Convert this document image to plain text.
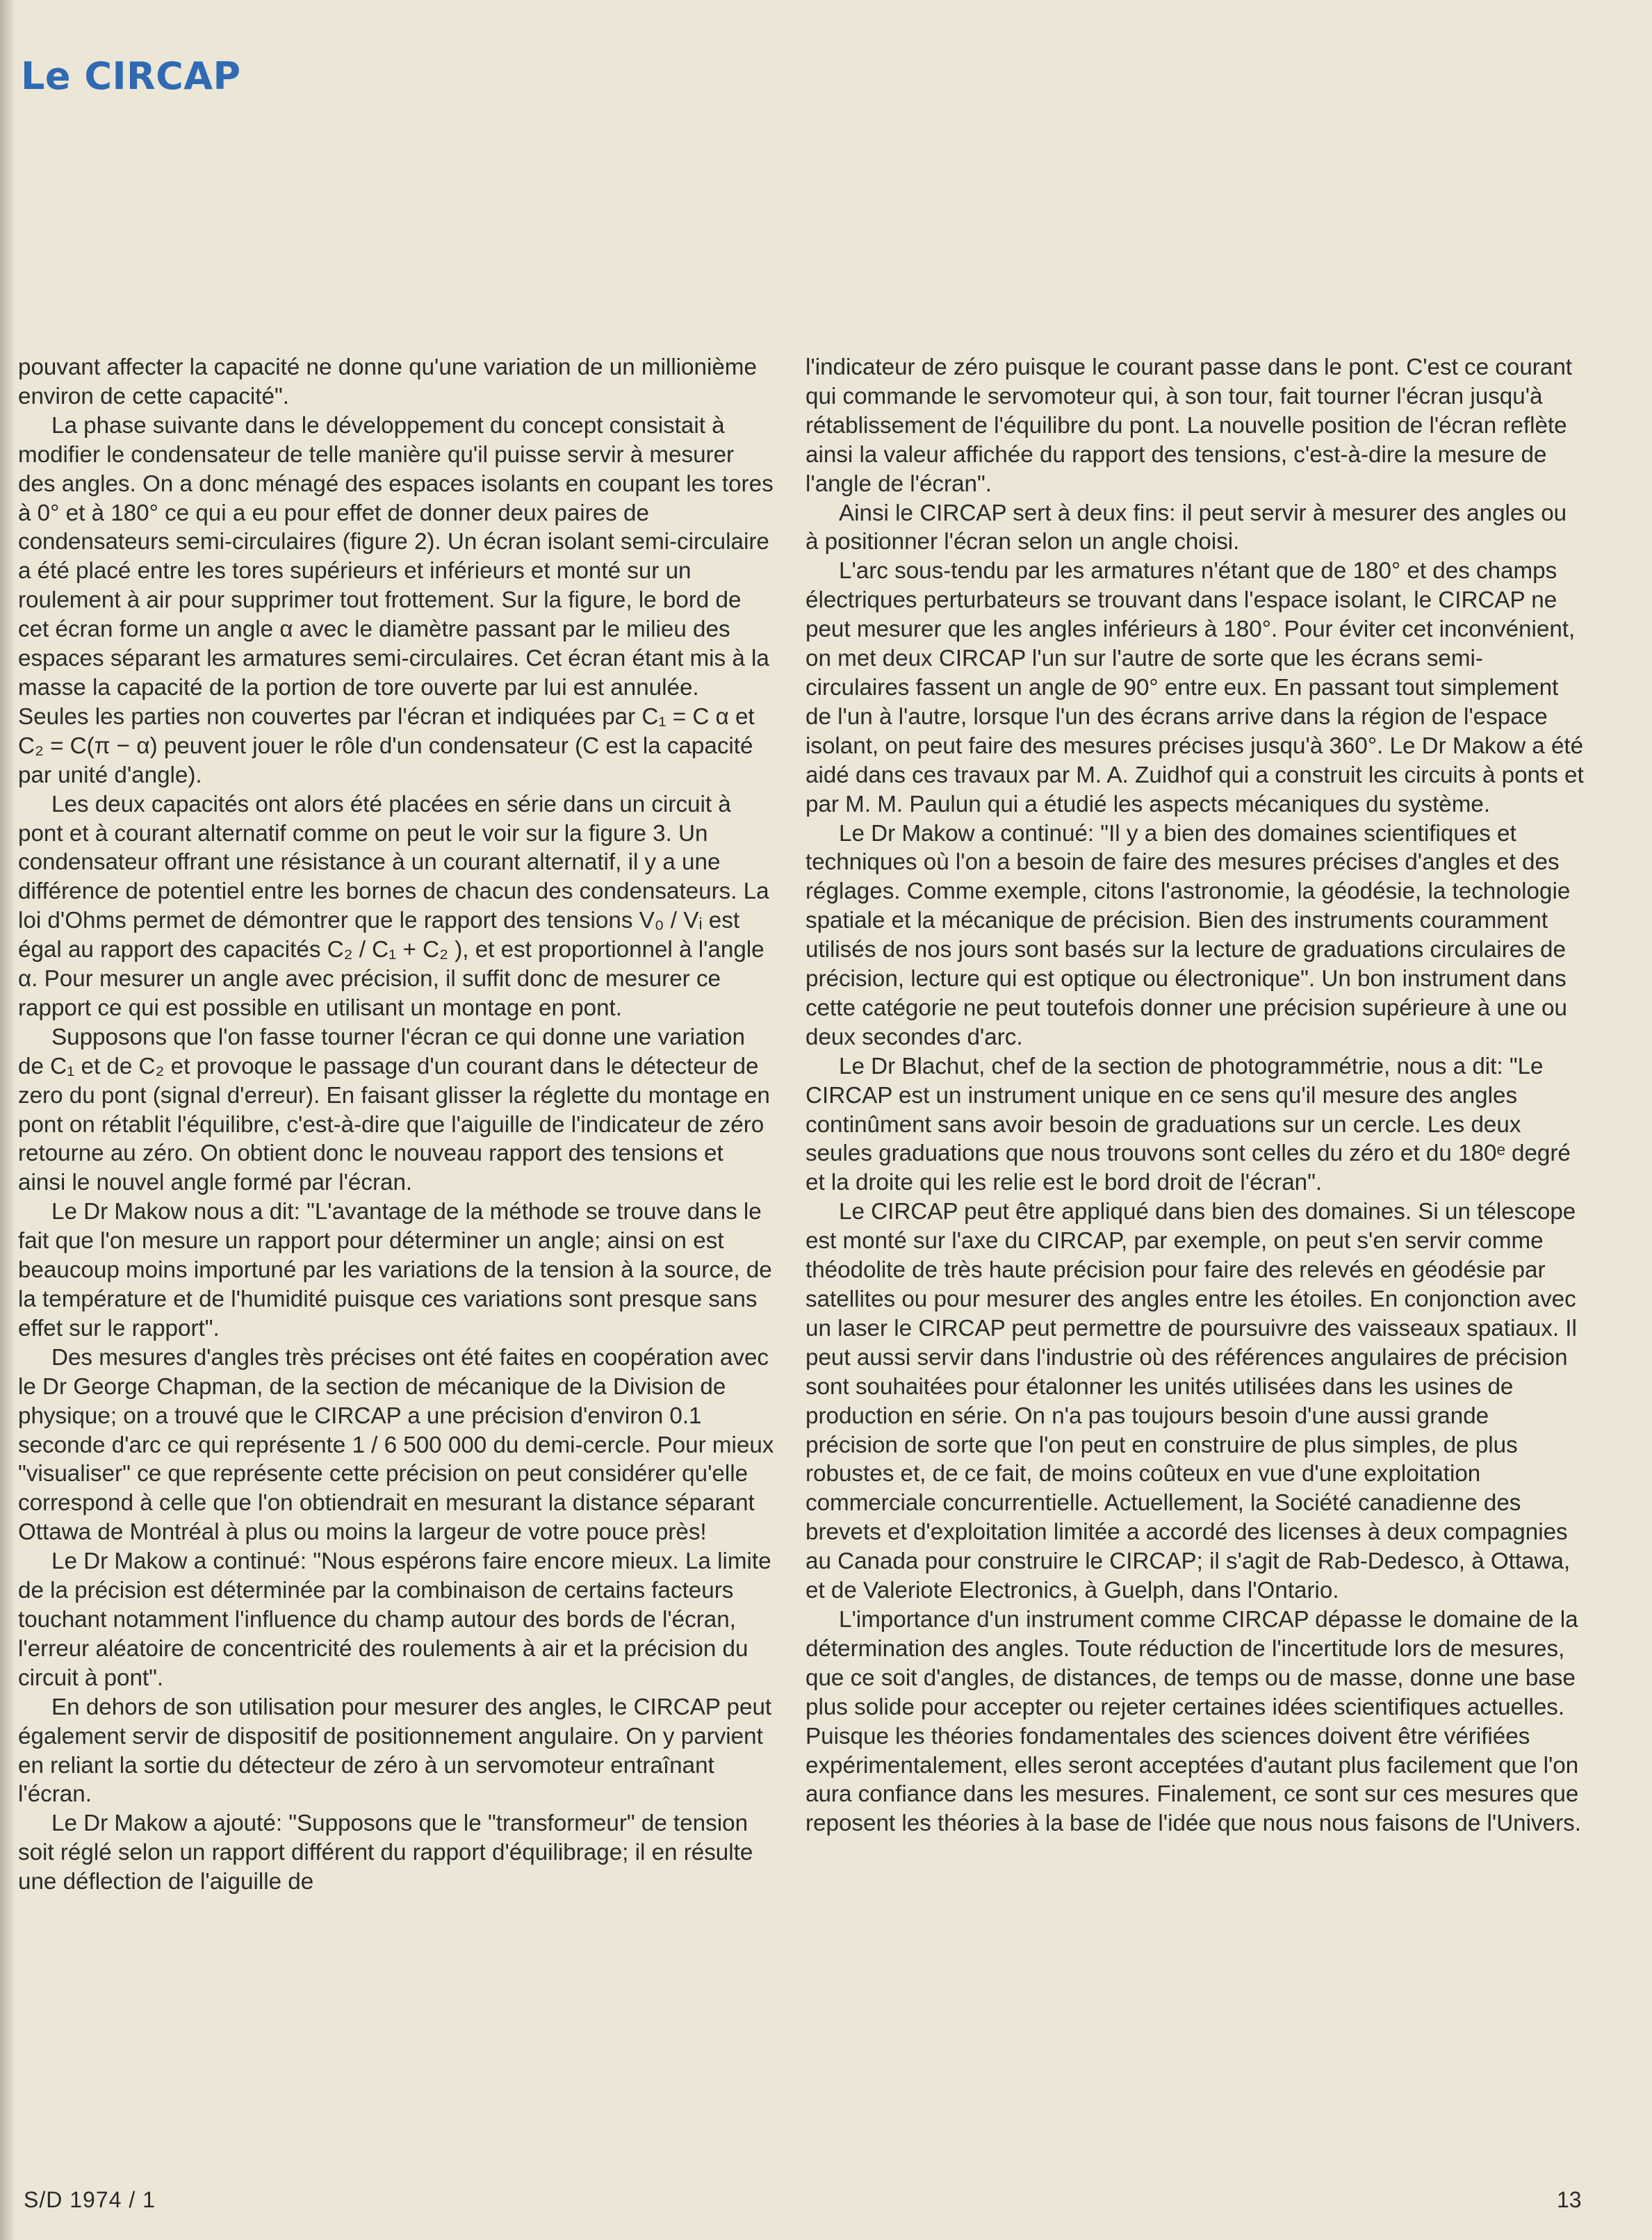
Le CIRCAP

pouvant affecter la capacité ne donne qu'une variation de un millionième environ de cette capacité".

La phase suivante dans le développement du concept consistait à modifier le condensateur de telle manière qu'il puisse servir à mesurer des angles. On a donc ménagé des espaces isolants en coupant les tores à 0° et à 180° ce qui a eu pour effet de donner deux paires de condensateurs semi-circulaires (figure 2). Un écran isolant semi-circulaire a été placé entre les tores supérieurs et inférieurs et monté sur un roulement à air pour supprimer tout frottement. Sur la figure, le bord de cet écran forme un angle α avec le diamètre passant par le milieu des espaces séparant les armatures semi-circulaires. Cet écran étant mis à la masse la capacité de la portion de tore ouverte par lui est annulée. Seules les parties non couvertes par l'écran et indiquées par C₁ = C α et C₂ = C(π − α) peuvent jouer le rôle d'un condensateur (C est la capacité par unité d'angle).

Les deux capacités ont alors été placées en série dans un circuit à pont et à courant alternatif comme on peut le voir sur la figure 3. Un condensateur offrant une résistance à un courant alternatif, il y a une différence de potentiel entre les bornes de chacun des condensateurs. La loi d'Ohms permet de démontrer que le rapport des tensions V₀ / Vᵢ est égal au rapport des capacités C₂ / C₁ + C₂ ), et est proportionnel à l'angle α. Pour mesurer un angle avec précision, il suffit donc de mesurer ce rapport ce qui est possible en utilisant un montage en pont.

Supposons que l'on fasse tourner l'écran ce qui donne une variation de C₁ et de C₂ et provoque le passage d'un courant dans le détecteur de zero du pont (signal d'erreur). En faisant glisser la réglette du montage en pont on rétablit l'équilibre, c'est-à-dire que l'aiguille de l'indicateur de zéro retourne au zéro. On obtient donc le nouveau rapport des tensions et ainsi le nouvel angle formé par l'écran.

Le Dr Makow nous a dit: "L'avantage de la méthode se trouve dans le fait que l'on mesure un rapport pour déterminer un angle; ainsi on est beaucoup moins importuné par les variations de la tension à la source, de la température et de l'humidité puisque ces variations sont presque sans effet sur le rapport".

Des mesures d'angles très précises ont été faites en coopération avec le Dr George Chapman, de la section de mécanique de la Division de physique; on a trouvé que le CIRCAP a une précision d'environ 0.1 seconde d'arc ce qui représente 1 / 6 500 000 du demi-cercle. Pour mieux "visualiser" ce que représente cette précision on peut considérer qu'elle correspond à celle que l'on obtiendrait en mesurant la distance séparant Ottawa de Montréal à plus ou moins la largeur de votre pouce près!

Le Dr Makow a continué: "Nous espérons faire encore mieux. La limite de la précision est déterminée par la combinaison de certains facteurs touchant notamment l'influence du champ autour des bords de l'écran, l'erreur aléatoire de concentricité des roulements à air et la précision du circuit à pont".

En dehors de son utilisation pour mesurer des angles, le CIRCAP peut également servir de dispositif de positionnement angulaire. On y parvient en reliant la sortie du détecteur de zéro à un servomoteur entraînant l'écran.

Le Dr Makow a ajouté: "Supposons que le "transformeur" de tension soit réglé selon un rapport différent du rapport d'équilibrage; il en résulte une déflection de l'aiguille de

l'indicateur de zéro puisque le courant passe dans le pont. C'est ce courant qui commande le servomoteur qui, à son tour, fait tourner l'écran jusqu'à rétablissement de l'équilibre du pont. La nouvelle position de l'écran reflète ainsi la valeur affichée du rapport des tensions, c'est-à-dire la mesure de l'angle de l'écran".

Ainsi le CIRCAP sert à deux fins: il peut servir à mesurer des angles ou à positionner l'écran selon un angle choisi.

L'arc sous-tendu par les armatures n'étant que de 180° et des champs électriques perturbateurs se trouvant dans l'espace isolant, le CIRCAP ne peut mesurer que les angles inférieurs à 180°. Pour éviter cet inconvénient, on met deux CIRCAP l'un sur l'autre de sorte que les écrans semi-circulaires fassent un angle de 90° entre eux. En passant tout simplement de l'un à l'autre, lorsque l'un des écrans arrive dans la région de l'espace isolant, on peut faire des mesures précises jusqu'à 360°. Le Dr Makow a été aidé dans ces travaux par M. A. Zuidhof qui a construit les circuits à ponts et par M. M. Paulun qui a étudié les aspects mécaniques du système.

Le Dr Makow a continué: "Il y a bien des domaines scientifiques et techniques où l'on a besoin de faire des mesures précises d'angles et des réglages. Comme exemple, citons l'astronomie, la géodésie, la technologie spatiale et la mécanique de précision. Bien des instruments couramment utilisés de nos jours sont basés sur la lecture de graduations circulaires de précision, lecture qui est optique ou électronique". Un bon instrument dans cette catégorie ne peut toutefois donner une précision supérieure à une ou deux secondes d'arc.

Le Dr Blachut, chef de la section de photogrammétrie, nous a dit: "Le CIRCAP est un instrument unique en ce sens qu'il mesure des angles continûment sans avoir besoin de graduations sur un cercle. Les deux seules graduations que nous trouvons sont celles du zéro et du 180ᵉ degré et la droite qui les relie est le bord droit de l'écran".

Le CIRCAP peut être appliqué dans bien des domaines. Si un télescope est monté sur l'axe du CIRCAP, par exemple, on peut s'en servir comme théodolite de très haute précision pour faire des relevés en géodésie par satellites ou pour mesurer des angles entre les étoiles. En conjonction avec un laser le CIRCAP peut permettre de poursuivre des vaisseaux spatiaux. Il peut aussi servir dans l'industrie où des références angulaires de précision sont souhaitées pour étalonner les unités utilisées dans les usines de production en série. On n'a pas toujours besoin d'une aussi grande précision de sorte que l'on peut en construire de plus simples, de plus robustes et, de ce fait, de moins coûteux en vue d'une exploitation commerciale concurrentielle. Actuellement, la Société canadienne des brevets et d'exploitation limitée a accordé des licenses à deux compagnies au Canada pour construire le CIRCAP; il s'agit de Rab-Dedesco, à Ottawa, et de Valeriote Electronics, à Guelph, dans l'Ontario.

L'importance d'un instrument comme CIRCAP dépasse le domaine de la détermination des angles. Toute réduction de l'incertitude lors de mesures, que ce soit d'angles, de distances, de temps ou de masse, donne une base plus solide pour accepter ou rejeter certaines idées scientifiques actuelles. Puisque les théories fondamentales des sciences doivent être vérifiées expérimentalement, elles seront acceptées d'autant plus facilement que l'on aura confiance dans les mesures. Finalement, ce sont sur ces mesures que reposent les théories à la base de l'idée que nous nous faisons de l'Univers.

S/D 1974 / 1	13
